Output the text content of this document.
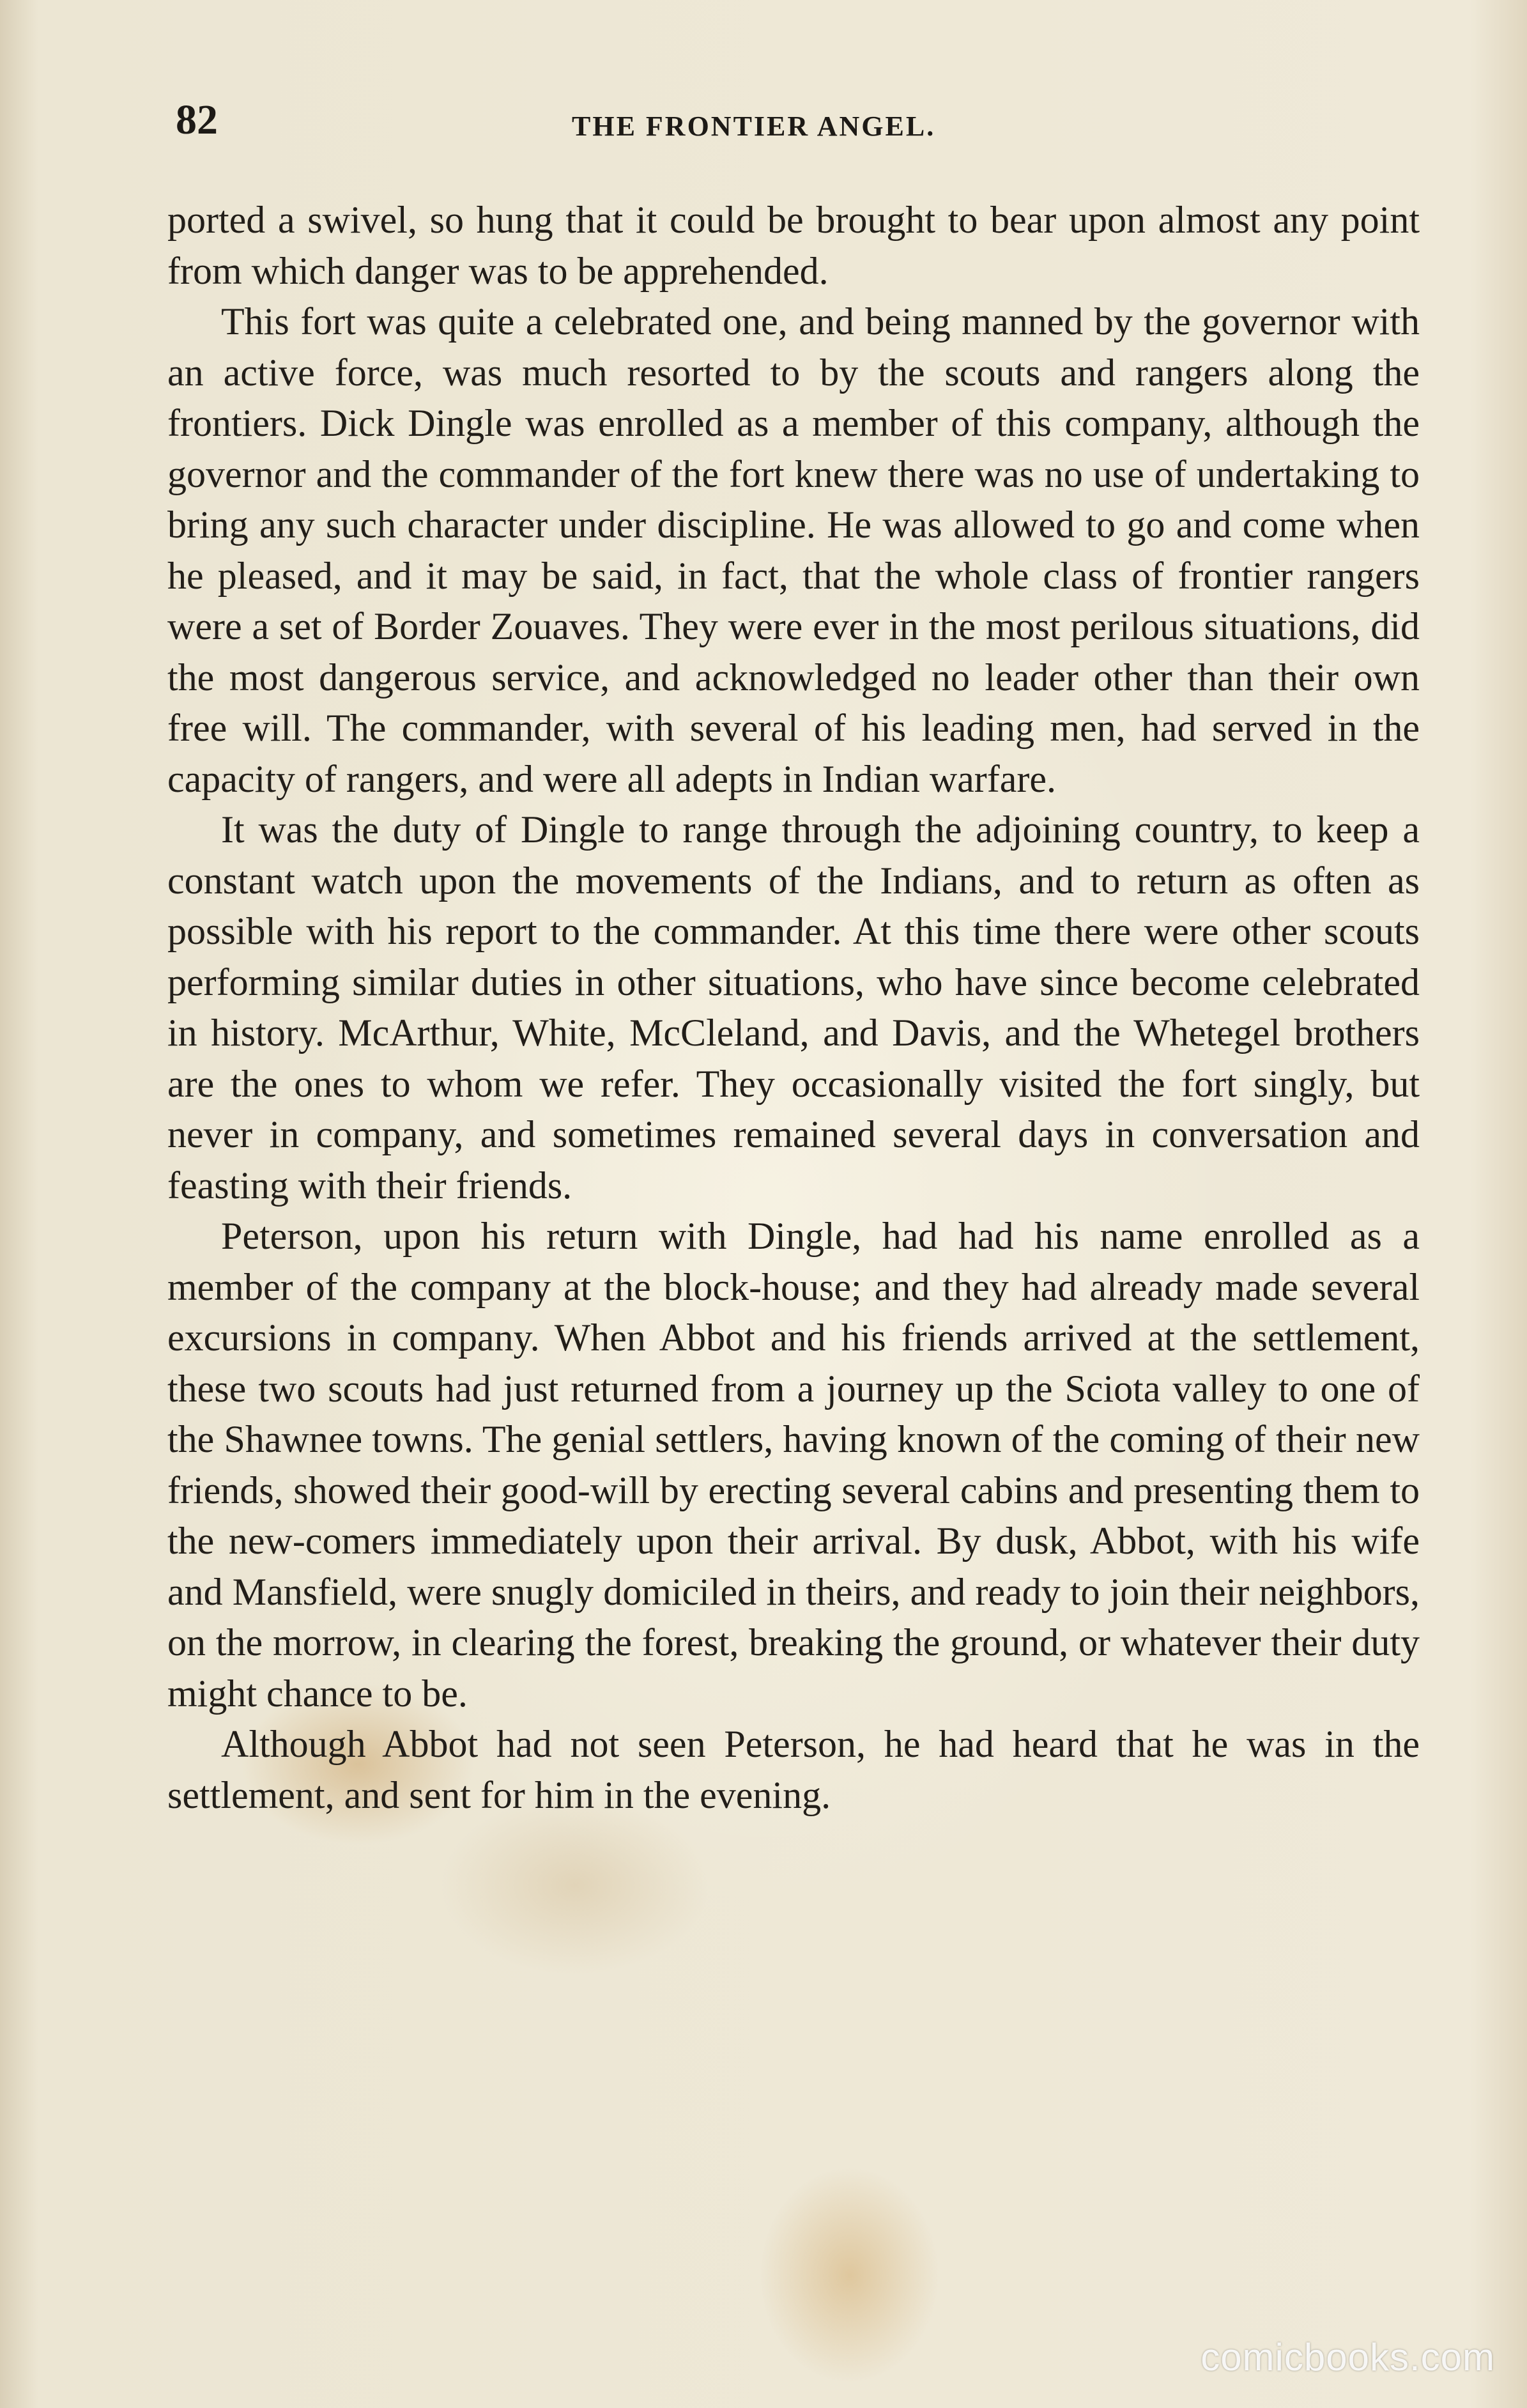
82	THE FRONTIER ANGEL.

ported a swivel, so hung that it could be brought to bear upon almost any point from which danger was to be apprehended.

This fort was quite a celebrated one, and being manned by the governor with an active force, was much resorted to by the scouts and rangers along the frontiers. Dick Dingle was enrolled as a member of this company, although the governor and the commander of the fort knew there was no use of undertaking to bring any such character under discipline. He was allowed to go and come when he pleased, and it may be said, in fact, that the whole class of frontier rangers were a set of Border Zouaves. They were ever in the most perilous situations, did the most dangerous service, and acknowledged no leader other than their own free will. The commander, with several of his leading men, had served in the capacity of rangers, and were all adepts in Indian warfare.

It was the duty of Dingle to range through the adjoining country, to keep a constant watch upon the movements of the Indians, and to return as often as possible with his report to the commander. At this time there were other scouts performing similar duties in other situations, who have since become celebrated in history. McArthur, White, McCleland, and Davis, and the Whetegel brothers are the ones to whom we refer. They occasionally visited the fort singly, but never in company, and sometimes remained several days in conversation and feasting with their friends.

Peterson, upon his return with Dingle, had had his name enrolled as a member of the company at the block-house; and they had already made several excursions in company. When Abbot and his friends arrived at the settlement, these two scouts had just returned from a journey up the Sciota valley to one of the Shawnee towns. The genial settlers, having known of the coming of their new friends, showed their good-will by erecting several cabins and presenting them to the new-comers immediately upon their arrival. By dusk, Abbot, with his wife and Mansfield, were snugly domiciled in theirs, and ready to join their neighbors, on the morrow, in clearing the forest, breaking the ground, or whatever their duty might chance to be.

Although Abbot had not seen Peterson, he had heard that he was in the settlement, and sent for him in the evening.

comicbooks.com
